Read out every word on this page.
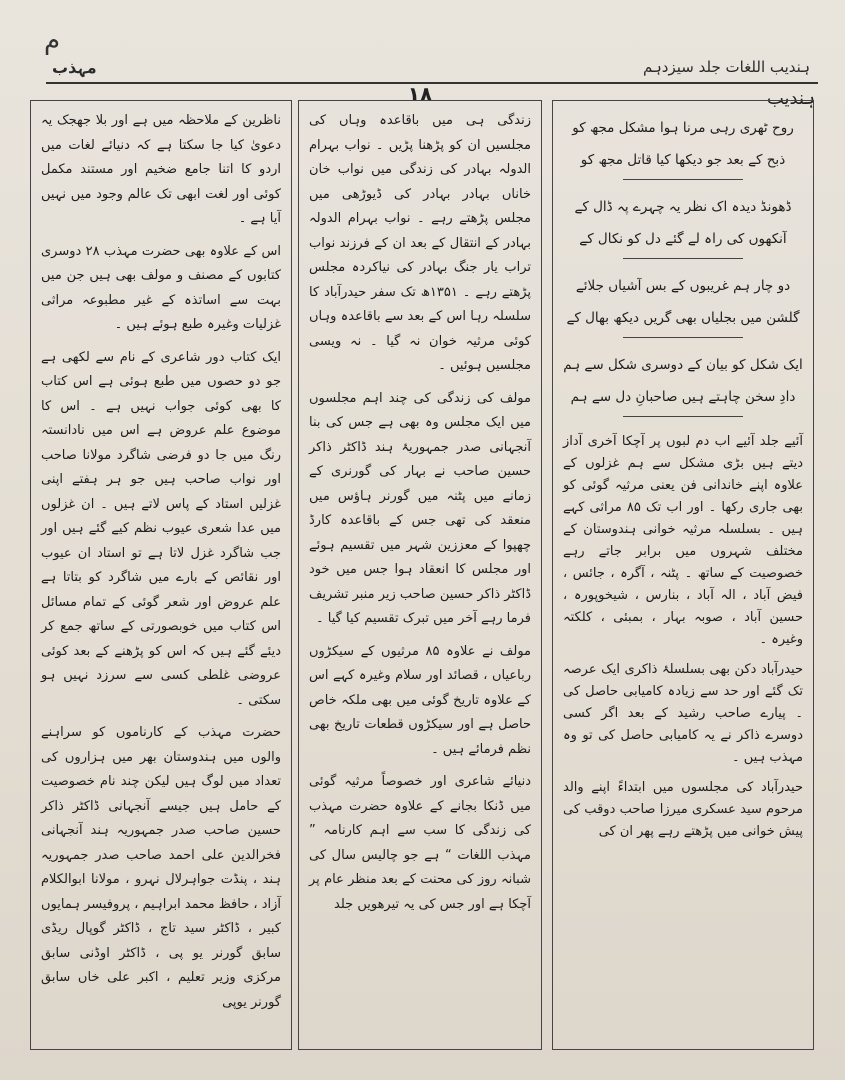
م
ہندیب اللغات جلد سیزدہم
مہذب
۱۸	ہندیب
روح ٹھری رہی مرنا ہوا مشکل مجھ کو
ذبح کے بعد جو دیکھا کیا قاتل مجھ کو
ڈھونڈ دیدہ اک نظر یہ چہرے پہ ڈال کے
آنکھوں کی راہ لے گئے دل کو نکال کے
دو چار ہم غریبوں کے بس آشیاں جلائے
گلشن میں بجلیاں بھی گریں دیکھ بھال کے
ایک شکل کو بیان کے دوسری شکل سے ہم
دادِ سخن چاہتے ہیں صاحبانِ دل سے ہم

آئیے جلد آئیے اب دم لبوں پر آچکا آخری آداز دیتے ہیں بڑی مشکل سے ہم غزلوں کے علاوہ اپنے خاندانی فن یعنی مرثیہ گوئی کو بھی جاری رکھا ۔ اور اب تک ۸۵ مراثی کہے ہیں ۔ بسلسلہ مرثیہ خوانی ہندوستان کے مختلف شہروں میں برابر جاتے رہے خصوصیت کے ساتھ ۔ پٹنہ ، آگرہ ، جائس ، فیض آباد ، الہ آباد ، بنارس ، شیخوپورہ ، حسین آباد ، صوبہ بہار ، بمبئی ، کلکتہ وغیرہ ۔

حیدرآباد دکن بھی بسلسلۂ ذاکری ایک عرصہ تک گئے اور حد سے زیادہ کامیابی حاصل کی ۔ پیارے صاحب رشید کے بعد اگر کسی دوسرے ذاکر نے یہ کامیابی حاصل کی تو وہ مہذب ہیں ۔

حیدرآباد کی مجلسوں میں ابتداءً اپنے والد مرحوم سید عسکری میرزا صاحب دوقب کی پیش خوانی میں پڑھتے رہے پھر ان کی

زندگی ہی میں باقاعدہ وہاں کی مجلسیں ان کو پڑھنا پڑیں ۔ نواب بہرام الدولہ بہادر کی زندگی میں نواب خان خاناں بہادر بہادر کی ڈیوڑھی میں مجلس پڑھتے رہے ۔ نواب بہرام الدولہ بہادر کے انتقال کے بعد ان کے فرزند نواب تراب یار جنگ بہادر کی نیاکردہ مجلس پڑھتے رہے ۔ ۱۳۵۱ھ تک سفر حیدرآباد کا سلسلہ رہا اس کے بعد سے باقاعدہ وہاں کوئی مرثیہ خوان نہ گیا ۔ نہ ویسی مجلسیں ہوئیں ۔

مولف کی زندگی کی چند اہم مجلسوں میں ایک مجلس وہ بھی ہے جس کی بنا آنجہانی صدر جمہوریۂ ہند ڈاکٹر ذاکر حسین صاحب نے بہار کی گورنری کے زمانے میں پٹنہ میں گورنر ہاؤس میں منعقد کی تھی جس کے باقاعدہ کارڈ چھپوا کے معززین شہر میں تقسیم ہوئے اور مجلس کا انعقاد ہوا جس میں خود ڈاکٹر ذاکر حسین صاحب زیر منبر تشریف فرما رہے آخر میں تبرک تقسیم کیا گیا ۔

مولف نے علاوہ ۸۵ مرثیوں کے سیکڑوں رباعیاں ، قصائد اور سلام وغیرہ کہے اس کے علاوہ تاریخ گوئی میں بھی ملکہ خاص حاصل ہے اور سیکڑوں قطعات تاریخ بھی نظم فرمائے ہیں ۔

دنیائے شاعری اور خصوصاً مرثیہ گوئی میں ڈنکا بجانے کے علاوہ حضرت مہذب کی زندگی کا سب سے اہم کارنامہ ” مہذب اللغات “ ہے جو چالیس سال کی شبانہ روز کی محنت کے بعد منظر عام پر آچکا ہے اور جس کی یہ تیرھویں جلد

ناظرین کے ملاحظہ میں ہے اور بلا جھجک یہ دعویٰ کیا جا سکتا ہے کہ دنیائے لغات میں اردو کا اتنا جامع ضخیم اور مستند مکمل کوئی اور لغت ابھی تک عالم وجود میں نہیں آیا ہے ۔

اس کے علاوہ بھی حضرت مہذب ۲۸ دوسری کتابوں کے مصنف و مولف بھی ہیں جن میں بہت سے اساتذہ کے غیر مطبوعہ مراثی غزلیات وغیرہ طبع ہوئے ہیں ۔

ایک کتاب دور شاعری کے نام سے لکھی ہے جو دو حصوں میں طبع ہوئی ہے اس کتاب کا بھی کوئی جواب نہیں ہے ۔ اس کا موضوع علم عروض ہے اس میں نادانستہ رنگ میں جا دو فرضی شاگرد مولانا صاحب اور نواب صاحب ہیں جو ہر ہفتے اپنی غزلیں استاد کے پاس لاتے ہیں ۔ ان غزلوں میں عدا شعری عیوب نظم کیے گئے ہیں اور جب شاگرد غزل لاتا ہے تو استاد ان عیوب اور نقائص کے بارے میں شاگرد کو بتاتا ہے علم عروض اور شعر گوئی کے تمام مسائل اس کتاب میں خوبصورتی کے ساتھ جمع کر دیئے گئے ہیں کہ اس کو پڑھنے کے بعد کوئی عروضی غلطی کسی سے سرزد نہیں ہو سکتی ۔

حضرت مہذب کے کارناموں کو سراہنے والوں میں ہندوستان بھر میں ہزاروں کی تعداد میں لوگ ہیں لیکن چند نام خصوصیت کے حامل ہیں جیسے آنجہانی ڈاکٹر ذاکر حسین صاحب صدر جمہوریہ ہند آنجہانی فخرالدین علی احمد صاحب صدر جمہوریہ ہند ، پنڈت جواہرلال نہرو ، مولانا ابوالکلام آزاد ، حافظ محمد ابراہیم ، پروفیسر ہمایوں کبیر ، ڈاکٹر سید تاج ، ڈاکٹر گوپال ریڈی سابق گورنر یو پی ، ڈاکٹر اوڈنی سابق مرکزی وزیر تعلیم ، اکبر علی خاں سابق گورنر یوپی
